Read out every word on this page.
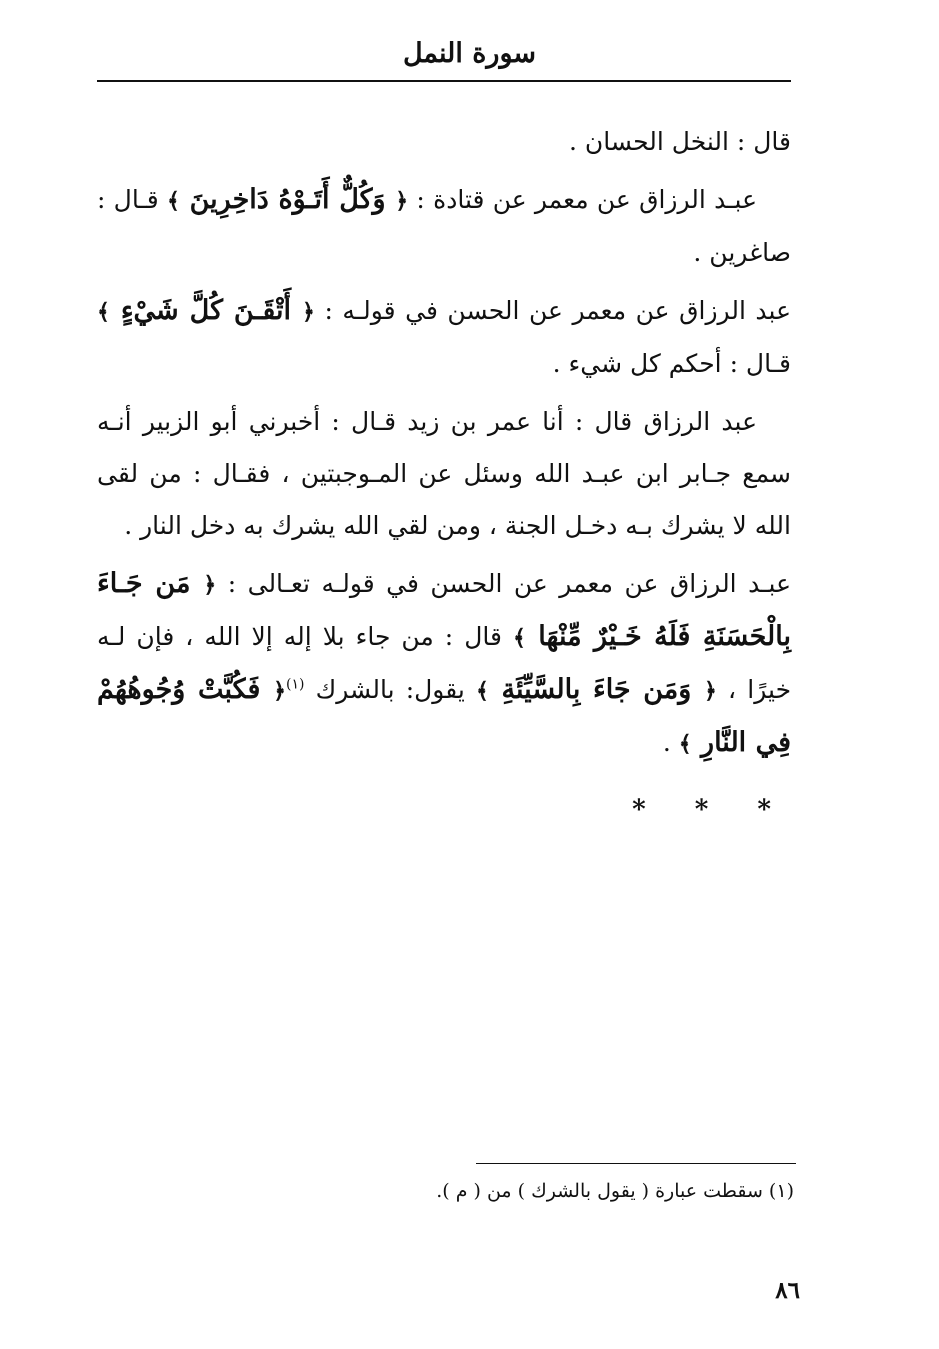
سورة النمل

قال : النخل الحسان .

عبـد الرزاق عن معمر عن قتادة : ﴿ وَكُلٌّ أَتَـوْهُ دَاخِرِينَ ﴾ قـال : صاغرين .

عبد الرزاق عن معمر عن الحسن في قولـه : ﴿ أَتْقَـنَ كُلَّ شَيْءٍ ﴾ قـال : أحكم كل شيء .

عبد الرزاق قال : أنا عمر بن زيد قـال : أخبرني أبو الزبير أنـه سمع جـابر ابن عبـد الله وسئل عن المـوجبتين ، فقـال : من لقى الله لا يشرك بـه دخـل الجنة ، ومن لقي الله يشرك به دخل النار .

عبـد الرزاق عن معمر عن الحسن في قولـه تعـالى : ﴿ مَن جَـاءَ بِالْحَسَنَةِ فَلَهُ خَـيْرٌ مِّنْهَا ﴾ قال : من جاء بلا إله إلا الله ، فإن لـه خيرًا ، ﴿ وَمَن جَاءَ بِالسَّيِّئَةِ ﴾ يقول: بالشرك $^{(١)}$﴿ فَكُبَّتْ وُجُوهُهُمْ فِي النَّارِ ﴾ .

* * *
(١) سقطت عبارة ( يقول بالشرك ) من ( م ).
٨٦
